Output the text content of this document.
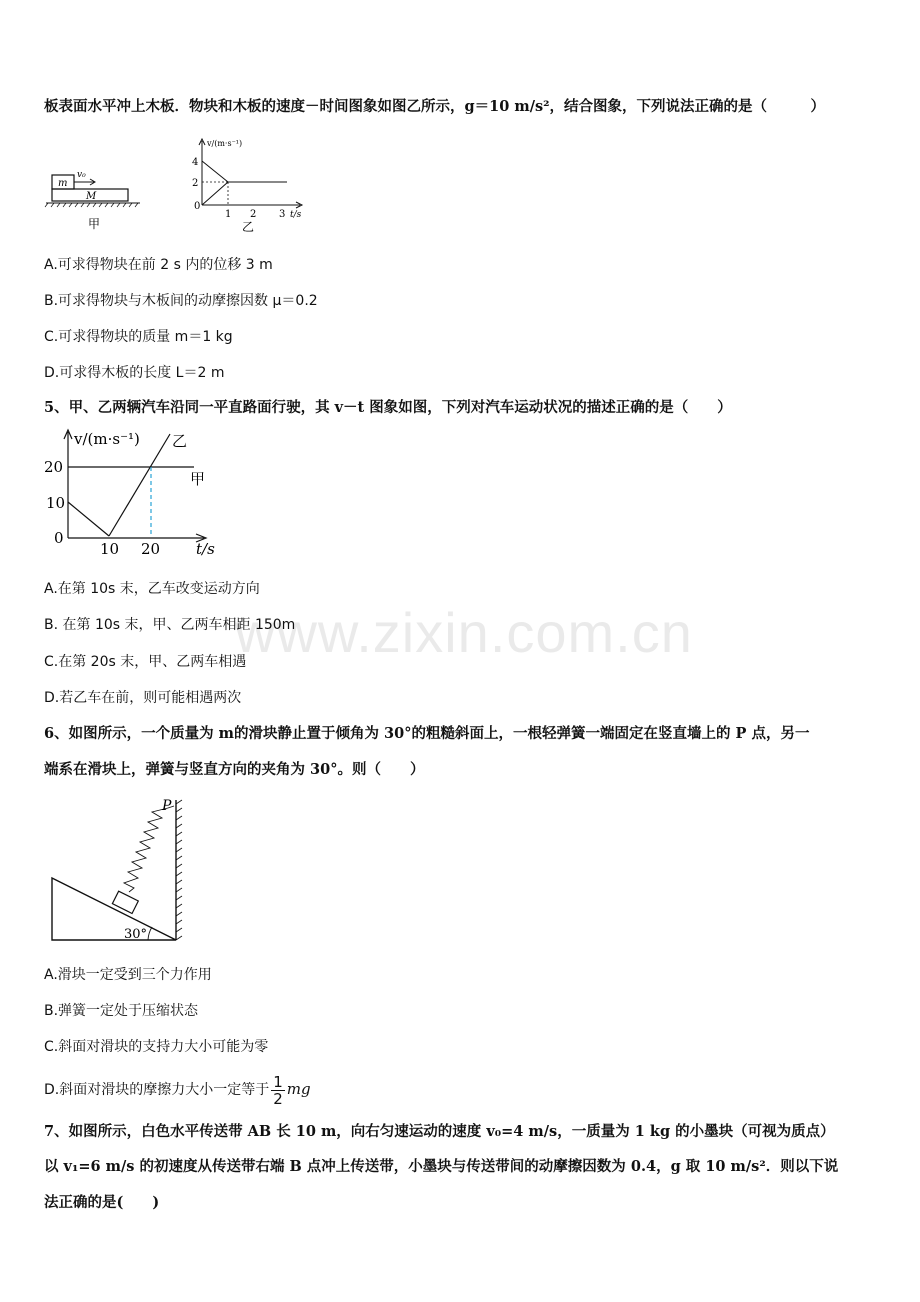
www.zixin.com.cn
板表面水平冲上木板．物块和木板的速度－时间图象如图乙所示，g＝10 m/s²，结合图象，下列说法正确的是（　　　）
m
v₀
M
甲
v/(m·s⁻¹)
4
2
0
1 2 3 t/s
乙
A.可求得物块在前 2 s 内的位移 3 m
B.可求得物块与木板间的动摩擦因数 μ＝0.2
C.可求得物块的质量 m＝1 kg
D.可求得木板的长度 L＝2 m
5、甲、乙两辆汽车沿同一平直路面行驶，其 v－t 图象如图，下列对汽车运动状况的描述正确的是（　　）
v/(m·s⁻¹)
20
10
0
10 20 t/s
乙
甲
A.在第 10s 末，乙车改变运动方向
B. 在第 10s 末，甲、乙两车相距 150m
C.在第 20s 末，甲、乙两车相遇
D.若乙车在前，则可能相遇两次
6、如图所示，一个质量为 m的滑块静止置于倾角为 30°的粗糙斜面上，一根轻弹簧一端固定在竖直墙上的 P 点，另一
端系在滑块上，弹簧与竖直方向的夹角为 30°。则（　　）
P
30°
A.滑块一定受到三个力作用
B.弹簧一定处于压缩状态
C.斜面对滑块的支持力大小可能为零
D.斜面对滑块的摩擦力大小一定等于 $\frac{1}{2}$ mg
7、如图所示，白色水平传送带 AB 长 10 m，向右匀速运动的速度 v₀=4 m/s，一质量为 1 kg 的小墨块（可视为质点）
以 v₁=6 m/s 的初速度从传送带右端 B 点冲上传送带，小墨块与传送带间的动摩擦因数为 0.4，g 取 10 m/s²．则以下说
法正确的是(　　)
